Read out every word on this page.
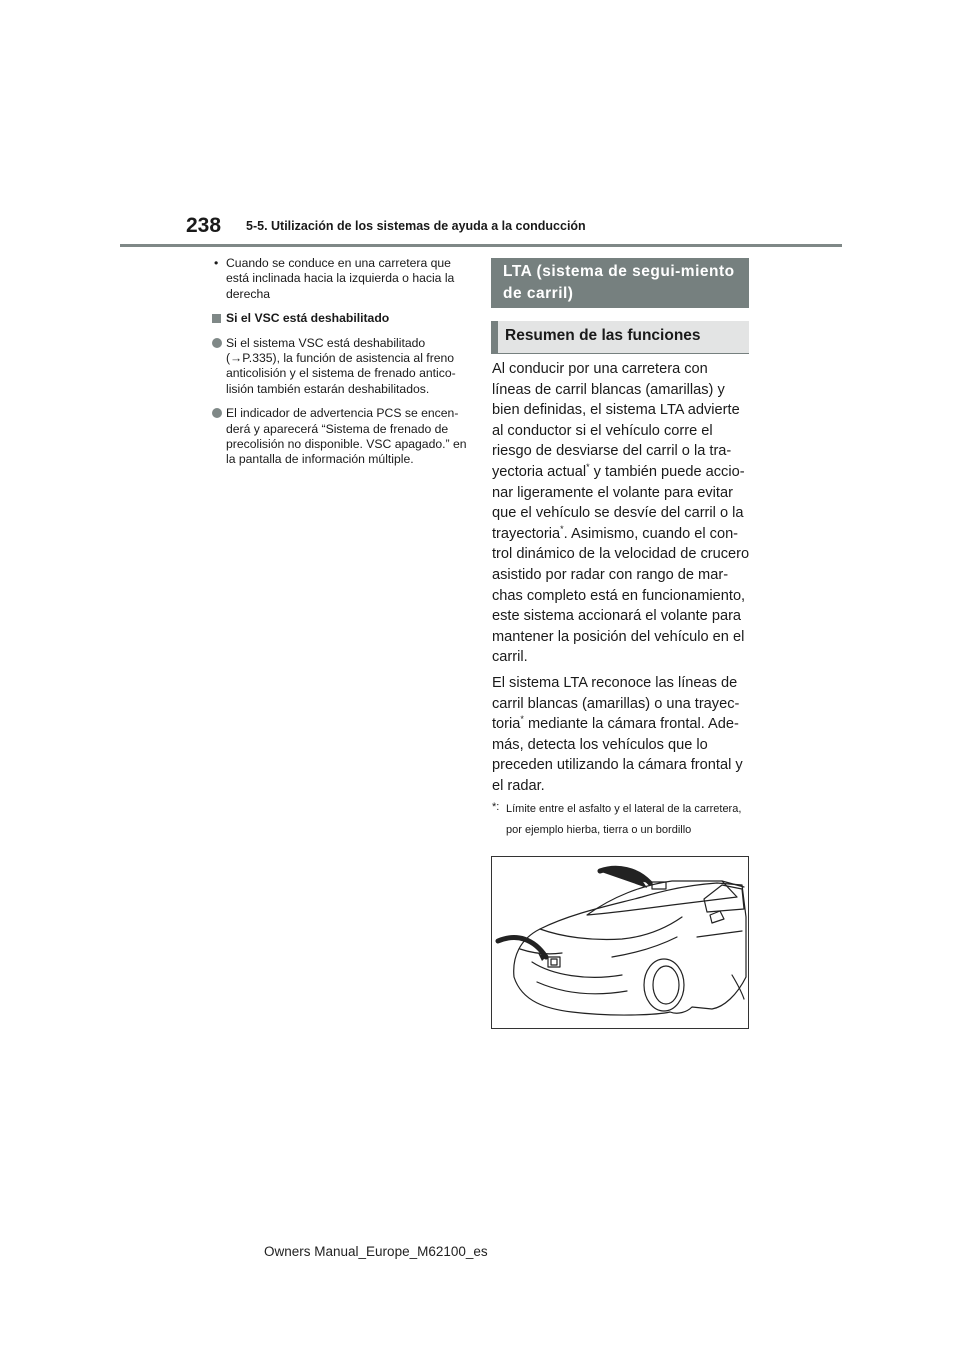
238 5-5. Utilización de los sistemas de ayuda a la conducción
• Cuando se conduce en una carretera que está inclinada hacia la izquierda o hacia la derecha
Si el VSC está deshabilitado
Si el sistema VSC está deshabilitado (→P.335), la función de asistencia al freno anticolisión y el sistema de frenado antico-lisión también estarán deshabilitados.
El indicador de advertencia PCS se encen-derá y aparecerá “Sistema de frenado de precolisión no disponible. VSC apagado.” en la pantalla de información múltiple.
LTA (sistema de segui-miento de carril)
Resumen de las funciones

Al conducir por una carretera con líneas de carril blancas (amarillas) y bien definidas, el sistema LTA advierte al conductor si el vehículo corre el riesgo de desviarse del carril o la tra-yectoria actual* y también puede accio-nar ligeramente el volante para evitar que el vehículo se desvíe del carril o la trayectoria*. Asimismo, cuando el con-trol dinámico de la velocidad de crucero asistido por radar con rango de mar-chas completo está en funcionamiento, este sistema accionará el volante para mantener la posición del vehículo en el carril.

El sistema LTA reconoce las líneas de carril blancas (amarillas) o una trayec-toria* mediante la cámara frontal. Ade-más, detecta los vehículos que lo preceden utilizando la cámara frontal y el radar.

*: Límite entre el asfalto y el lateral de la carretera, por ejemplo hierba, tierra o un bordillo
Owners Manual_Europe_M62100_es
